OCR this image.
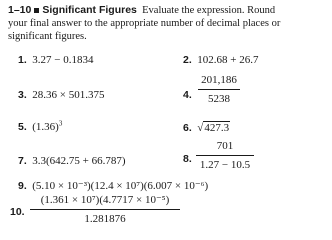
1–10 Significant Figures Evaluate the expression. Round
your final answer to the appropriate number of decimal places or
significant figures.
1. 3.27 − 0.1834	2. 102.68 + 26.7
3. 28.36 × 501.375	4.
201,186
5238
5. $(1.36)^3$	6. √427.3
7. 3.3(642.75 + 66.787)	8.
701
1.27 − 10.5
9. (5.10 × 10⁻³)(12.4 × 10⁷)(6.007 × 10⁻⁶)
10.
(1.361 × 10⁷)(4.7717 × 10⁻⁵)
1.281876
